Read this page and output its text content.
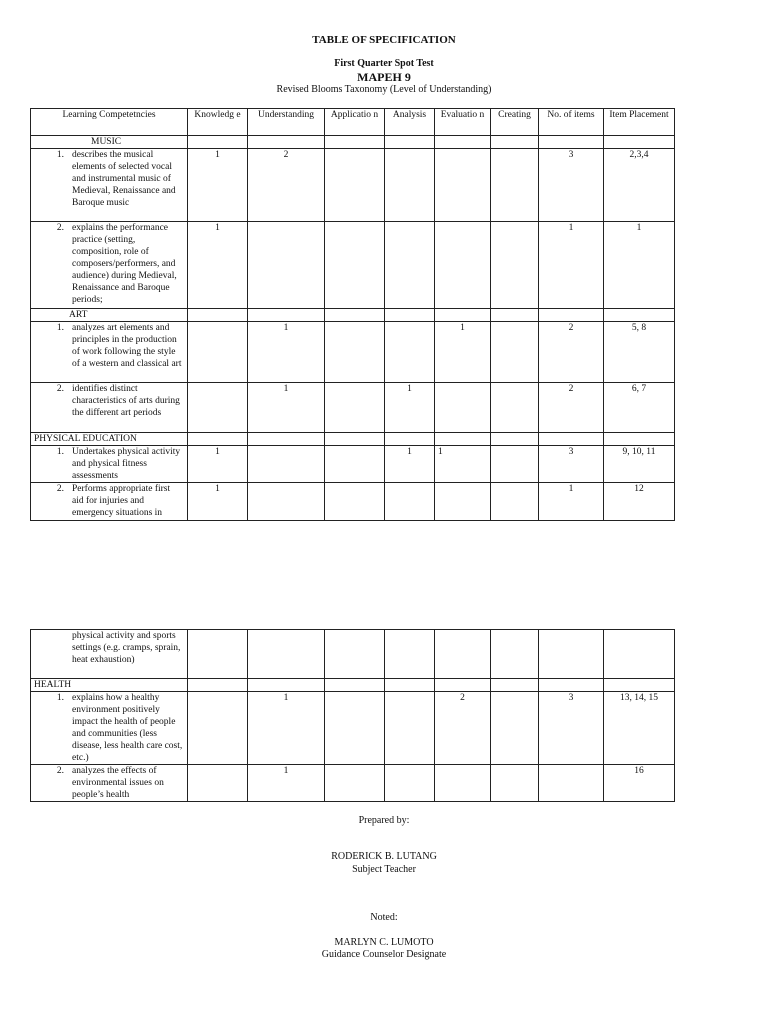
TABLE OF SPECIFICATION
First Quarter Spot Test
MAPEH 9
Revised Blooms Taxonomy (Level of Understanding)
Learning Competetncies	Knowledg e	Understanding	Applicatio n	Analysis	Evaluatio n	Creating	No. of items	Item Placement
MUSIC								

1. describes the musical elements of selected vocal and instrumental music of Medieval, Renaissance and Baroque music	1	2					3	2,3,4

2. explains the performance practice (setting, composition, role of composers/performers, and audience) during Medieval, Renaissance and Baroque periods;	1						1	1
ART								

1. analyzes art elements and principles in the production of work following the style of a western and classical art		1			1		2	5, 8

2. identifies distinct characteristics of arts during the different art periods		1		1			2	6, 7
PHYSICAL EDUCATION								

1. Undertakes physical activity and physical fitness assessments	1			1	1		3	9, 10, 11

2. Performs appropriate first aid for injuries and emergency situations in	1						1	12
physical activity and sports settings (e.g. cramps, sprain, heat exhaustion)								

HEALTH								

1. explains how a healthy environment positively impact the health of people and communities (less disease, less health care cost, etc.)		1			2		3	13, 14, 15

2. analyzes the effects of environmental issues on people’s health		1						16
Prepared by:
RODERICK B. LUTANG
Subject Teacher
Noted:
MARLYN C. LUMOTO
Guidance Counselor Designate
